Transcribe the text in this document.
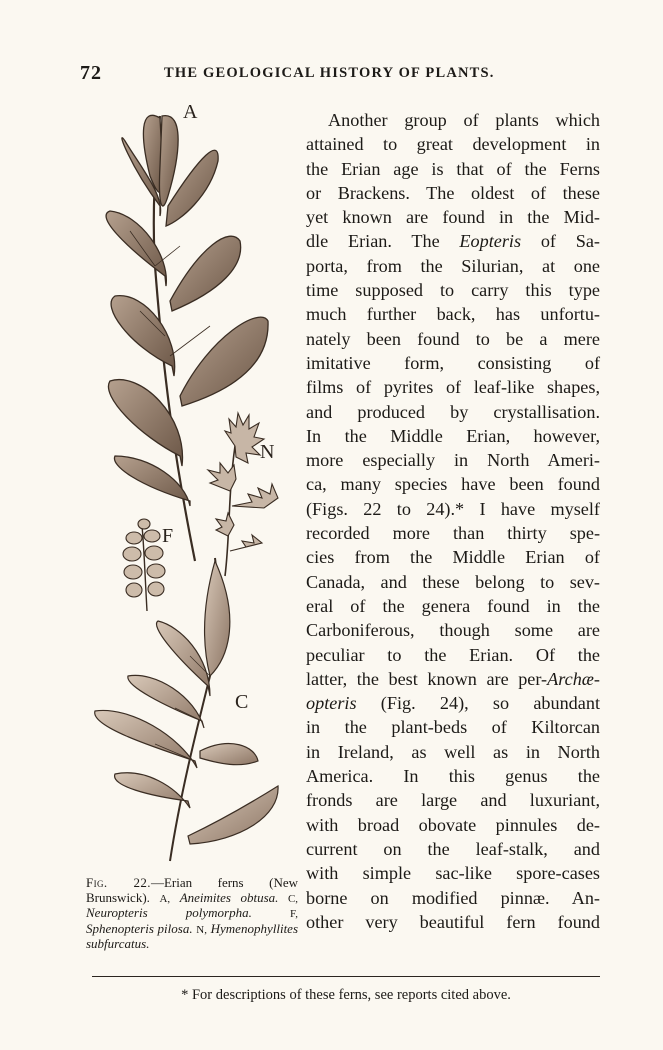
72	THE GEOLOGICAL HISTORY OF PLANTS.
A
N
F
C
Fig. 22.—Erian ferns (New Brunswick). A, Aneimites obtusa. C, Neuropteris polymorpha.	F, Sphenopteris pilosa. N, Hymenophyllites subfurcatus.
Another group of plants which
attained to great development in
the Erian age is that of the Ferns
or Brackens. The oldest of these
yet known are found in the Mid-
dle Erian. The Eopteris of Sa-
porta, from the Silurian, at one
time supposed to carry this type
much further back, has unfortu-
nately been found to be a mere
imitative form, consisting of
films of pyrites of leaf-like shapes,
and produced by crystallisation.
In the Middle Erian, however,
more especially in North Ameri-
ca, many species have been found
(Figs. 22 to 24).* I have myself
recorded more than thirty spe-
cies from the Middle Erian of
Canada, and these belong to sev-
eral of the genera found in the
Carboniferous, though some are
peculiar to the Erian. Of the
latter, the best known are per-Archæ-
opteris (Fig. 24), so abundant
in the plant-beds of Kiltorcan
in Ireland, as well as in North
America. In this genus the
fronds are large and luxuriant,
with broad obovate pinnules de-
current on the leaf-stalk, and
with simple sac-like spore-cases
borne on modified pinnæ. An-
other very beautiful fern found
* For descriptions of these ferns, see reports cited above.
